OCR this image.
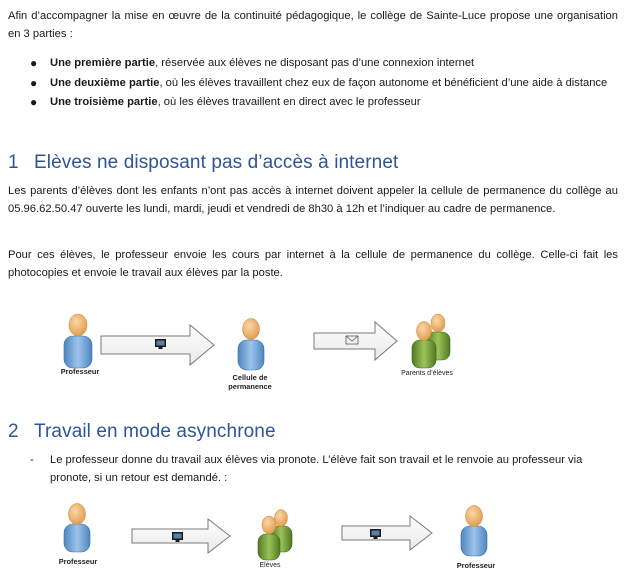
Afin d’accompagner la mise en œuvre de la continuité pédagogique, le collège de Sainte-Luce propose une organisation en 3 parties :
● Une première partie, réservée aux élèves ne disposant pas d’une connexion internet
● Une deuxième partie, où les élèves travaillent chez eux de façon autonome et bénéficient d’une aide à distance
● Une troisième partie, où les élèves travaillent en direct avec le professeur
1 Elèves ne disposant pas d’accès à internet
Les parents d’élèves dont les enfants n’ont pas accès à internet doivent appeler la cellule de permanence du collège au 05.96.62.50.47 ouverte les lundi, mardi, jeudi et vendredi de 8h30 à 12h et l’indiquer au cadre de permanence.
Pour ces élèves, le professeur envoie les cours par internet à la cellule de permanence du collège. Celle-ci fait les photocopies et envoie le travail aux élèves par la poste.
Professeur
Cellule de permanence
Parents d’élèves
2 Travail en mode asynchrone
- Le professeur donne du travail aux élèves via pronote. L’élève fait son travail et le renvoie au professeur via pronote, si un retour est demandé. :
Professeur	Elèves	Professeur
